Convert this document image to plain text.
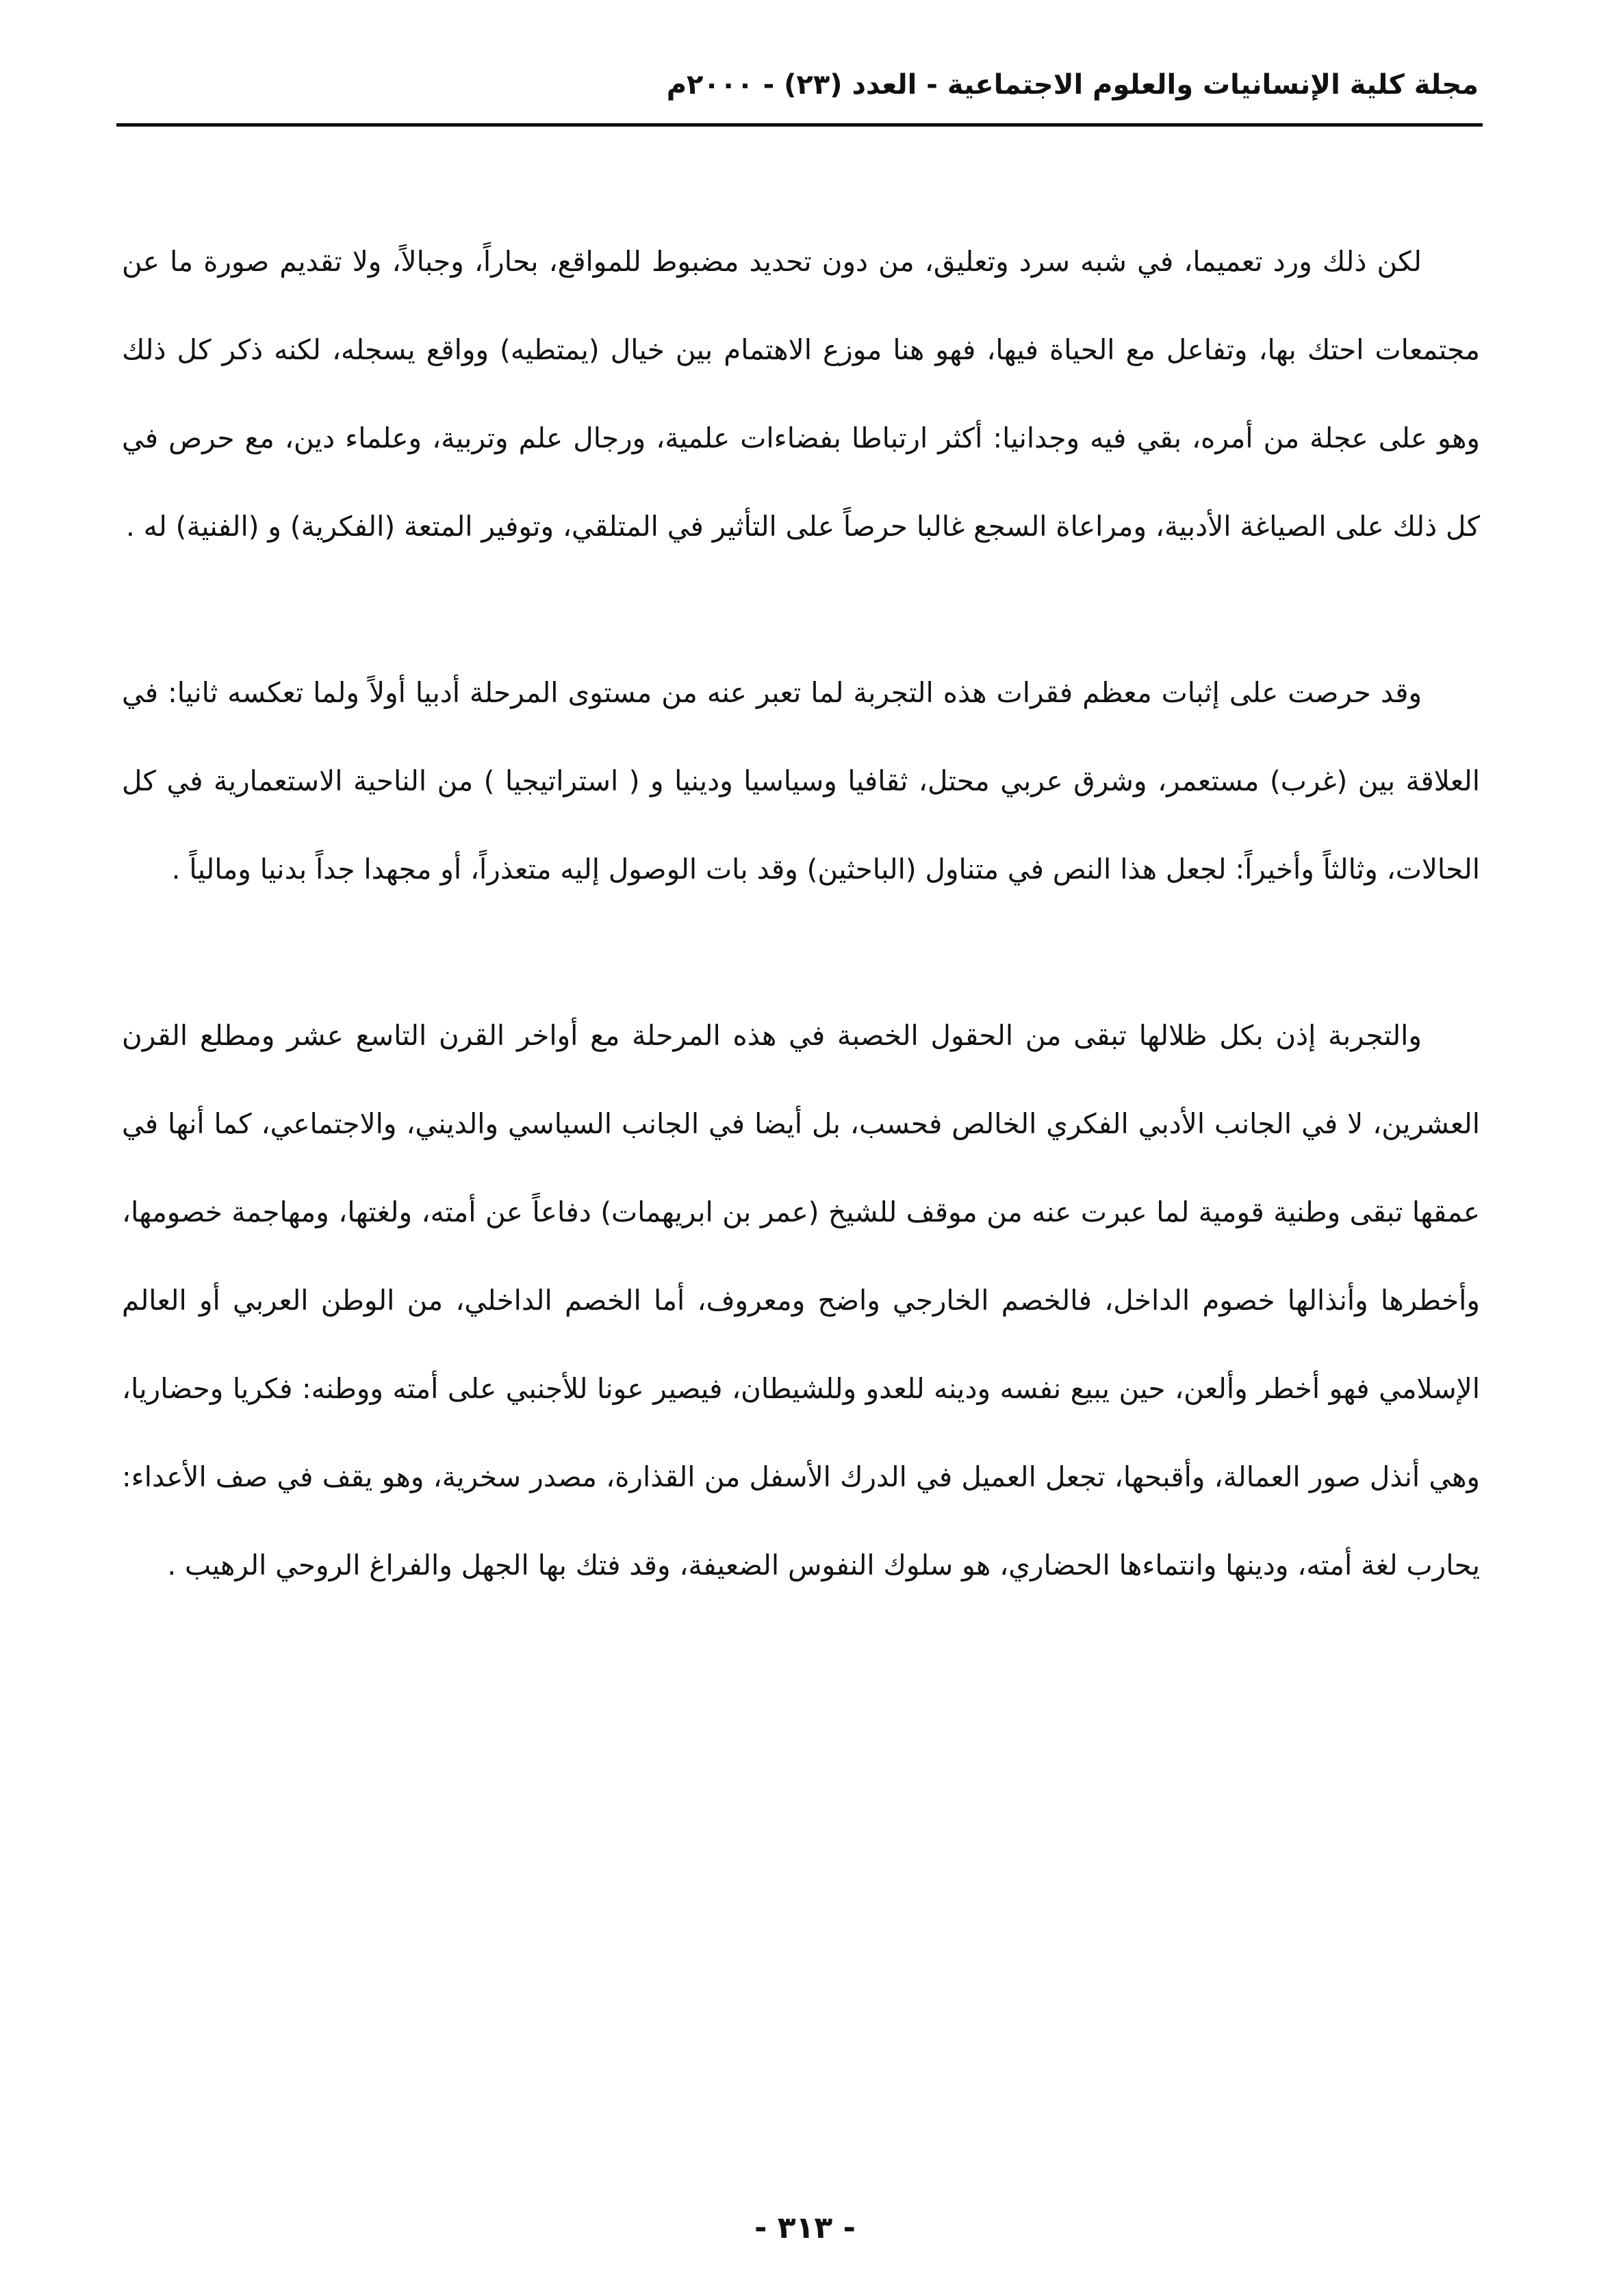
مجلة كلية الإنسانيات والعلوم الاجتماعية - العدد (٢٣) - ٢٠٠٠م

لكن ذلك ورد تعميما، في شبه سرد وتعليق، من دون تحديد مضبوط للمواقع، بحاراً، وجبالاً، ولا تقديم صورة ما عن مجتمعات احتك بها، وتفاعل مع الحياة فيها، فهو هنا موزع الاهتمام بين خيال (يمتطيه) وواقع يسجله، لكنه ذكر كل ذلك وهو على عجلة من أمره، بقي فيه وجدانيا: أكثر ارتباطا بفضاءات علمية، ورجال علم وتربية، وعلماء دين، مع حرص في كل ذلك على الصياغة الأدبية، ومراعاة السجع غالبا حرصاً على التأثير في المتلقي، وتوفير المتعة (الفكرية) و (الفنية) له .

وقد حرصت على إثبات معظم فقرات هذه التجربة لما تعبر عنه من مستوى المرحلة أدبيا أولاً ولما تعكسه ثانيا: في العلاقة بين (غرب) مستعمر، وشرق عربي محتل، ثقافيا وسياسيا ودينيا و ( استراتيجيا ) من الناحية الاستعمارية في كل الحالات، وثالثاً وأخيراً: لجعل هذا النص في متناول (الباحثين) وقد بات الوصول إليه متعذراً، أو مجهدا جداً بدنيا ومالياً .

والتجربة إذن بكل ظلالها تبقى من الحقول الخصبة في هذه المرحلة مع أواخر القرن التاسع عشر ومطلع القرن العشرين، لا في الجانب الأدبي الفكري الخالص فحسب، بل أيضا في الجانب السياسي والديني، والاجتماعي، كما أنها في عمقها تبقى وطنية قومية لما عبرت عنه من موقف للشيخ (عمر بن ابريهمات) دفاعاً عن أمته، ولغتها، ومهاجمة خصومها، وأخطرها وأنذالها خصوم الداخل، فالخصم الخارجي واضح ومعروف، أما الخصم الداخلي، من الوطن العربي أو العالم الإسلامي فهو أخطر وألعن، حين يبيع نفسه ودينه للعدو وللشيطان، فيصير عونا للأجنبي على أمته ووطنه: فكريا وحضاريا، وهي أنذل صور العمالة، وأقبحها، تجعل العميل في الدرك الأسفل من القذارة، مصدر سخرية، وهو يقف في صف الأعداء: يحارب لغة أمته، ودينها وانتماءها الحضاري، هو سلوك النفوس الضعيفة، وقد فتك بها الجهل والفراغ الروحي الرهيب .

- ٣١٣ -
